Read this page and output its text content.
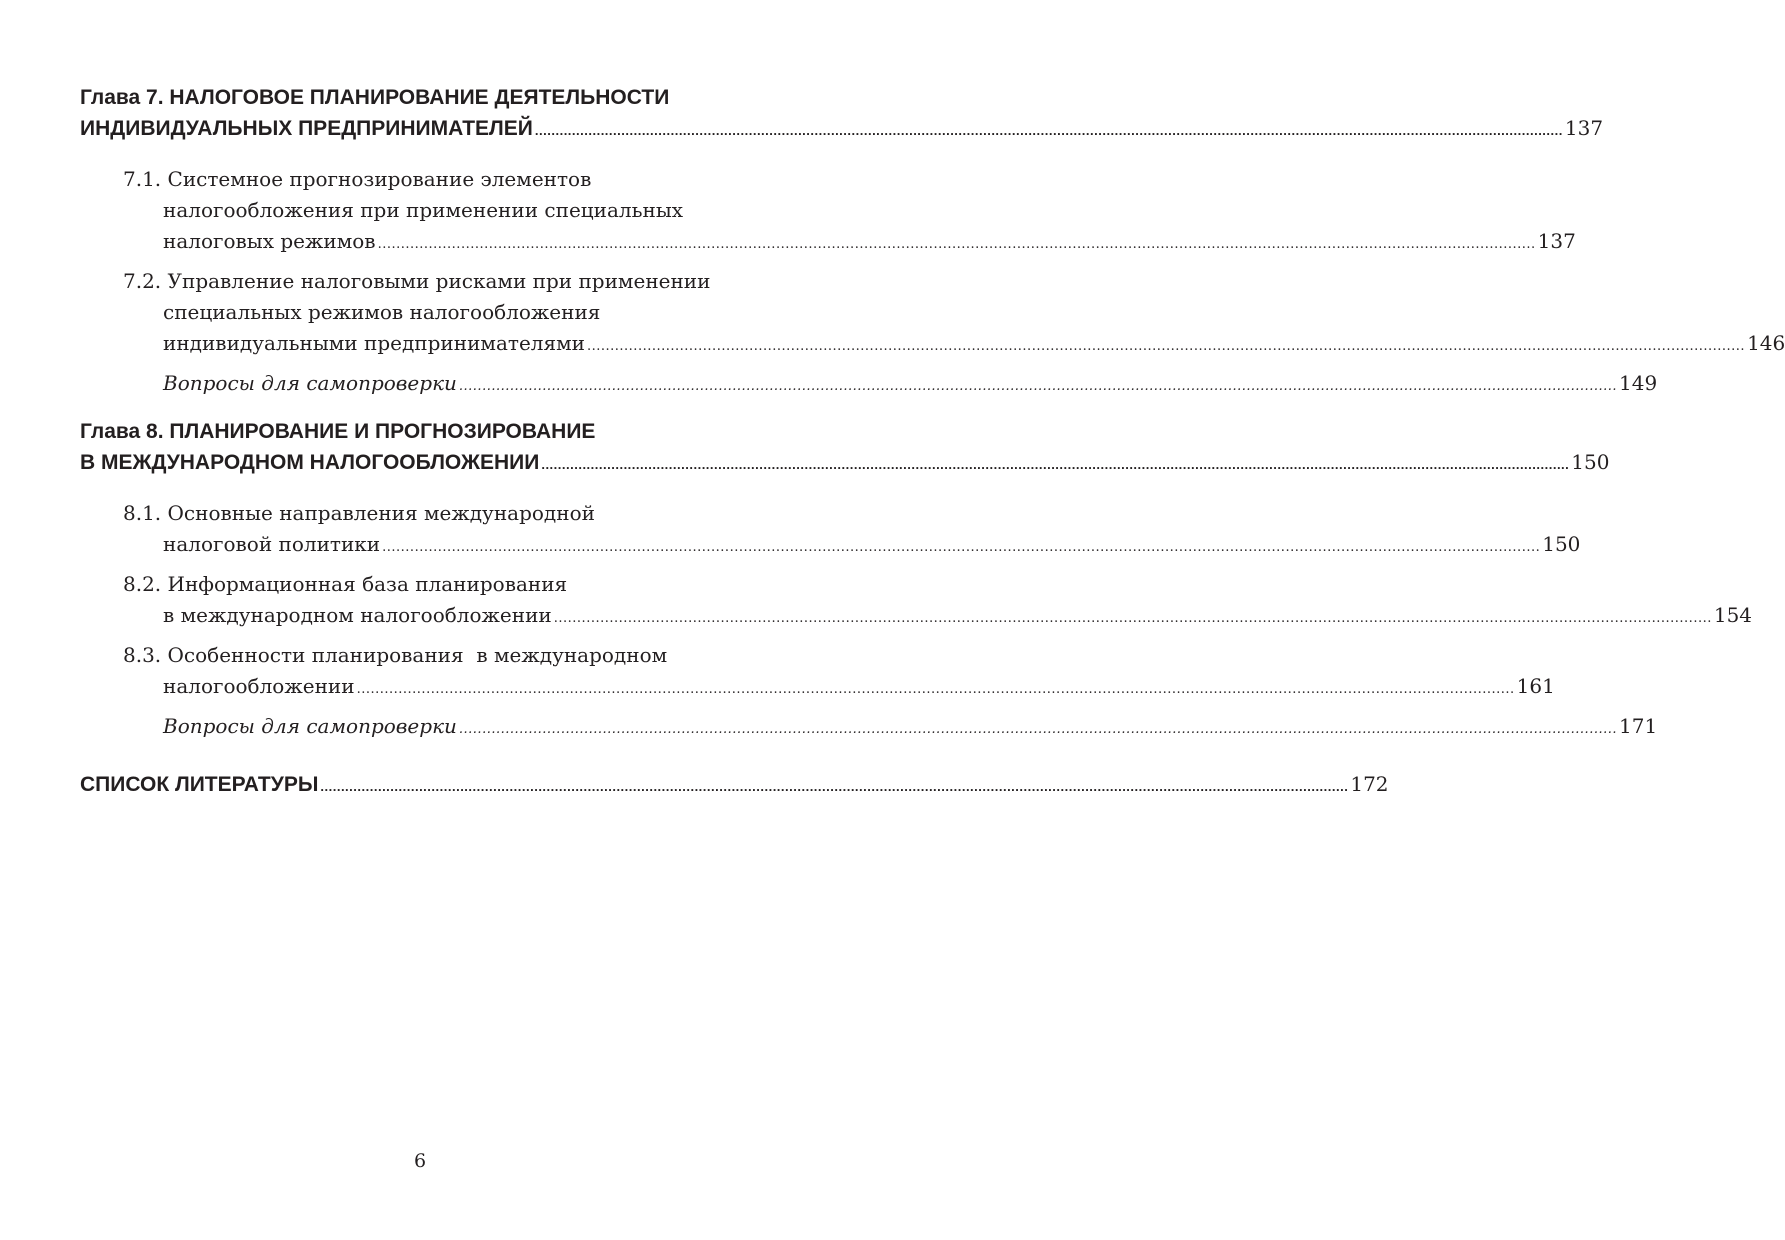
Глава 7. НАЛОГОВОЕ ПЛАНИРОВАНИЕ ДЕЯТЕЛЬНОСТИ
ИНДИВИДУАЛЬНЫХ ПРЕДПРИНИМАТЕЛЕЙ .....	137
7.1. Системное прогнозирование элементов
налогообложения при применении специальных
налоговых режимов .....	137
7.2. Управление налоговыми рисками при применении
специальных режимов налогообложения
индивидуальными предпринимателями .....	146
Вопросы для самопроверки .....	149
Глава 8. ПЛАНИРОВАНИЕ И ПРОГНОЗИРОВАНИЕ
В МЕЖДУНАРОДНОМ НАЛОГООБЛОЖЕНИИ .....	150
8.1. Основные направления международной
налоговой политики .....	150
8.2. Информационная база планирования
в международном налогообложении .....	154
8.3. Особенности планирования  в международном
налогообложении .....	161
Вопросы для самопроверки .....	171
СПИСОК ЛИТЕРАТУРЫ .....	172
6
